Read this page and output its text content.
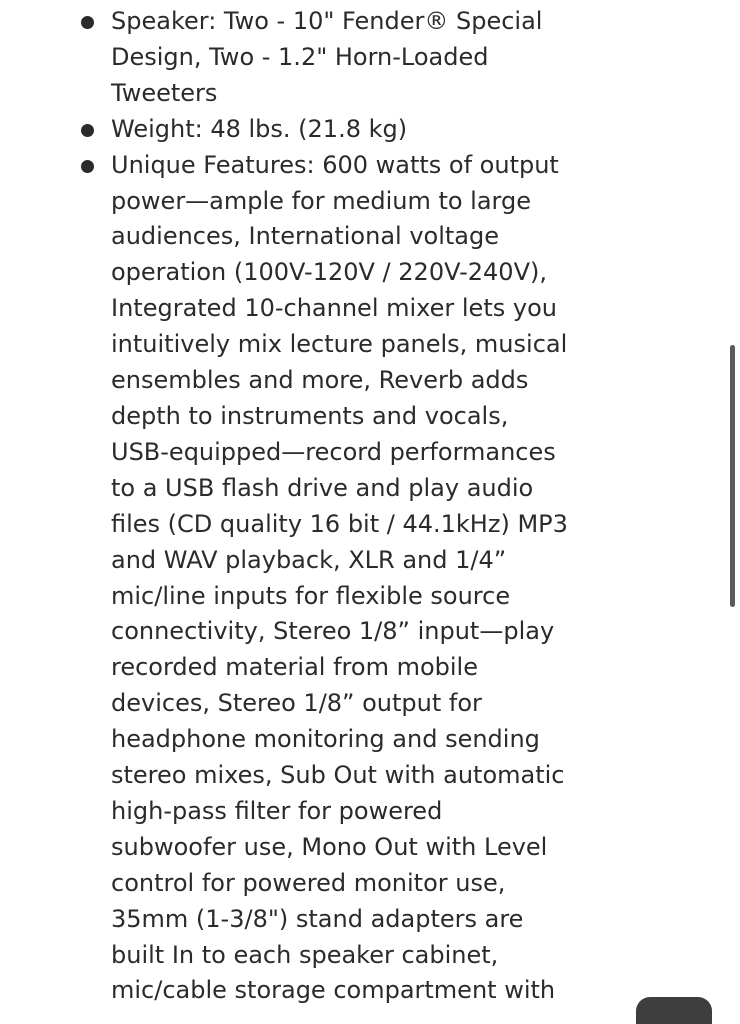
Speaker: Two - 10" Fender® Special Design, Two - 1.2" Horn-Loaded Tweeters
Weight: 48 lbs. (21.8 kg)
Unique Features: 600 watts of output power—ample for medium to large audiences, International voltage operation (100V-120V / 220V-240V), Integrated 10-channel mixer lets you intuitively mix lecture panels, musical ensembles and more, Reverb adds depth to instruments and vocals, USB-equipped—record performances to a USB flash drive and play audio files (CD quality 16 bit / 44.1kHz) MP3 and WAV playback, XLR and 1/4” mic/line inputs for flexible source connectivity, Stereo 1/8” input—play recorded material from mobile devices, Stereo 1/8” output for headphone monitoring and sending stereo mixes, Sub Out with automatic high-pass filter for powered subwoofer use, Mono Out with Level control for powered monitor use, 35mm (1-3/8") stand adapters are built In to each speaker cabinet, mic/cable storage compartment with
